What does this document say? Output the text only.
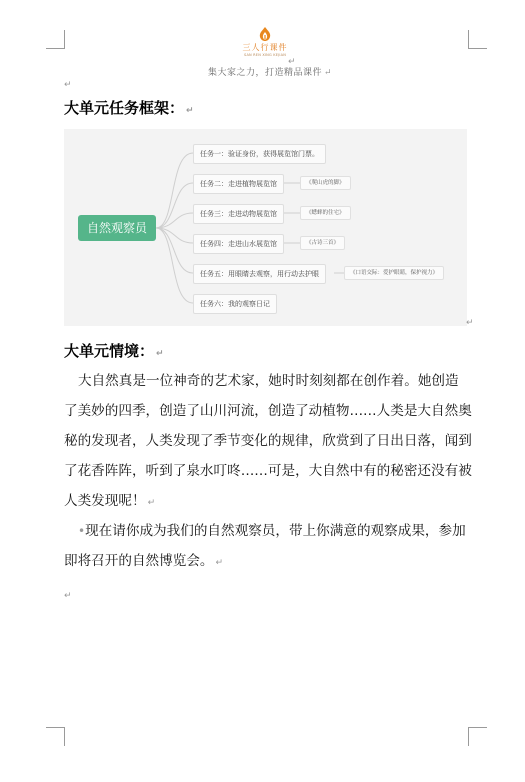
三人行课件
SAN REN XING KEJIAN
↵
集大家之力，打造精品课件 ↵
↵
大单元任务框架： ↵
自然观察员
任务一：验证身份，获得展览馆门票。
任务二：走进植物展览馆
任务三：走进动物展览馆
任务四：走进山水展览馆
任务五：用眼睛去观察，用行动去护眼
任务六：我的观察日记
《爬山虎的脚》
《蟋蟀的住宅》
《古诗三首》
《口语交际：爱护眼睛，保护视力》
↵
大单元情境： ↵
大自然真是一位神奇的艺术家，她时时刻刻都在创作着。她创造了美妙的四季，创造了山川河流，创造了动植物……人类是大自然奥秘的发现者，人类发现了季节变化的规律，欣赏到了日出日落，闻到了花香阵阵，听到了泉水叮咚……可是，大自然中有的秘密还没有被人类发现呢！ ↵
•现在请你成为我们的自然观察员，带上你满意的观察成果，参加即将召开的自然博览会。 ↵
↵
